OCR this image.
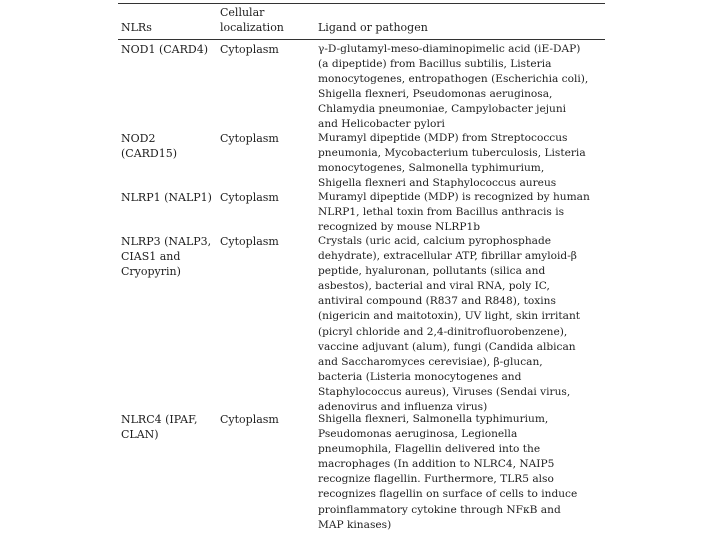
NLRs
Cellular
localization	Ligand or pathogen
NOD1 (CARD4)	Cytoplasm	γ-D-glutamyl-meso-diaminopimelic acid (iE-DAP)
(a dipeptide) from Bacillus subtilis, Listeria
monocytogenes, entropathogen (Escherichia coli),
Shigella flexneri, Pseudomonas aeruginosa,
Chlamydia pneumoniae, Campylobacter jejuni
and Helicobacter pylori
NOD2
(CARD15)
Cytoplasm	Muramyl dipeptide (MDP) from Streptococcus
pneumonia, Mycobacterium tuberculosis, Listeria
monocytogenes, Salmonella typhimurium,
Shigella flexneri and Staphylococcus aureus
NLRP1 (NALP1) Cytoplasm	Muramyl dipeptide (MDP) is recognized by human
NLRP1, lethal toxin from Bacillus anthracis is
recognized by mouse NLRP1b
NLRP3 (NALP3,
CIAS1 and
Cryopyrin)
Cytoplasm	Crystals (uric acid, calcium pyrophosphade
dehydrate), extracellular ATP, fibrillar amyloid-β
peptide, hyaluronan, pollutants (silica and
asbestos), bacterial and viral RNA, poly IC,
antiviral compound (R837 and R848), toxins
(nigericin and maitotoxin), UV light, skin irritant
(picryl chloride and 2,4-dinitrofluorobenzene),
vaccine adjuvant (alum), fungi (Candida albican
and Saccharomyces cerevisiae), β-glucan,
bacteria (Listeria monocytogenes and
Staphylococcus aureus), Viruses (Sendai virus,
adenovirus and influenza virus)
NLRC4 (IPAF,
CLAN)
Cytoplasm	Shigella flexneri, Salmonella typhimurium,
Pseudomonas aeruginosa, Legionella
pneumophila, Flagellin delivered into the
macrophages (In addition to NLRC4, NAIP5
recognize flagellin. Furthermore, TLR5 also
recognizes flagellin on surface of cells to induce
proinflammatory cytokine through NFκB and
MAP kinases)
